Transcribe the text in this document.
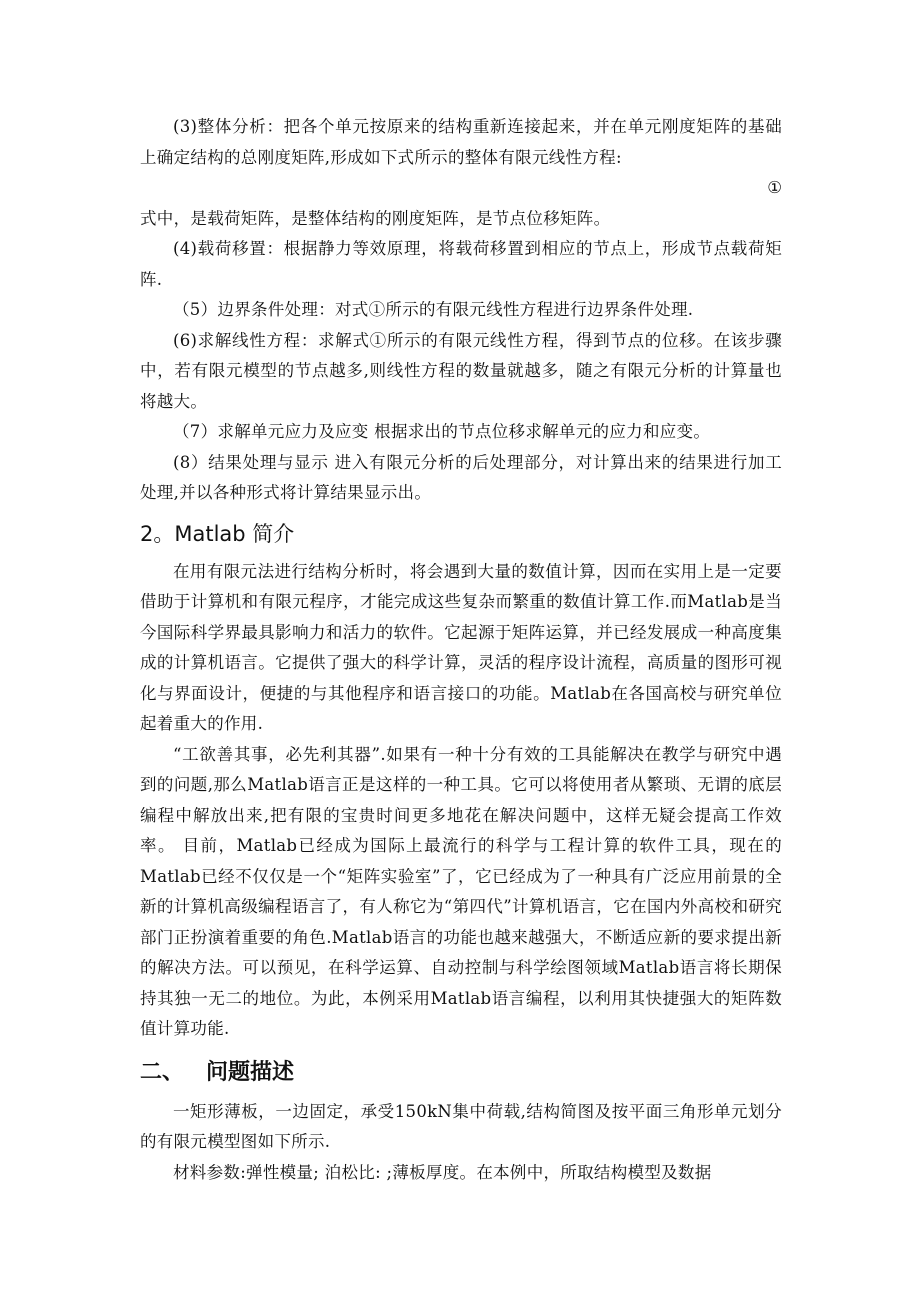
(3)整体分析：把各个单元按原来的结构重新连接起来，并在单元刚度矩阵的基础上确定结构的总刚度矩阵,形成如下式所示的整体有限元线性方程:

①

式中，是载荷矩阵，是整体结构的刚度矩阵，是节点位移矩阵。

(4)载荷移置：根据静力等效原理，将载荷移置到相应的节点上，形成节点载荷矩阵.

（5）边界条件处理：对式①所示的有限元线性方程进行边界条件处理.

(6)求解线性方程：求解式①所示的有限元线性方程，得到节点的位移。在该步骤中，若有限元模型的节点越多,则线性方程的数量就越多，随之有限元分析的计算量也将越大。

（7）求解单元应力及应变 根据求出的节点位移求解单元的应力和应变。

(8）结果处理与显示 进入有限元分析的后处理部分，对计算出来的结果进行加工处理,并以各种形式将计算结果显示出。

2。Matlab 简介

在用有限元法进行结构分析时，将会遇到大量的数值计算，因而在实用上是一定要借助于计算机和有限元程序，才能完成这些复杂而繁重的数值计算工作.而Matlab是当今国际科学界最具影响力和活力的软件。它起源于矩阵运算，并已经发展成一种高度集成的计算机语言。它提供了强大的科学计算，灵活的程序设计流程，高质量的图形可视化与界面设计，便捷的与其他程序和语言接口的功能。Matlab在各国高校与研究单位起着重大的作用.

“工欲善其事，必先利其器”.如果有一种十分有效的工具能解决在教学与研究中遇到的问题,那么Matlab语言正是这样的一种工具。它可以将使用者从繁琐、无谓的底层编程中解放出来,把有限的宝贵时间更多地花在解决问题中，这样无疑会提高工作效率。 目前，Matlab已经成为国际上最流行的科学与工程计算的软件工具，现在的Matlab已经不仅仅是一个“矩阵实验室”了，它已经成为了一种具有广泛应用前景的全新的计算机高级编程语言了，有人称它为“第四代”计算机语言，它在国内外高校和研究部门正扮演着重要的角色.Matlab语言的功能也越来越强大，不断适应新的要求提出新的解决方法。可以预见，在科学运算、自动控制与科学绘图领域Matlab语言将长期保持其独一无二的地位。为此，本例采用Matlab语言编程，以利用其快捷强大的矩阵数值计算功能.

二、 问题描述

一矩形薄板，一边固定，承受150kN集中荷载,结构简图及按平面三角形单元划分的有限元模型图如下所示.

材料参数:弹性模量; 泊松比: ;薄板厚度。在本例中，所取结构模型及数据
